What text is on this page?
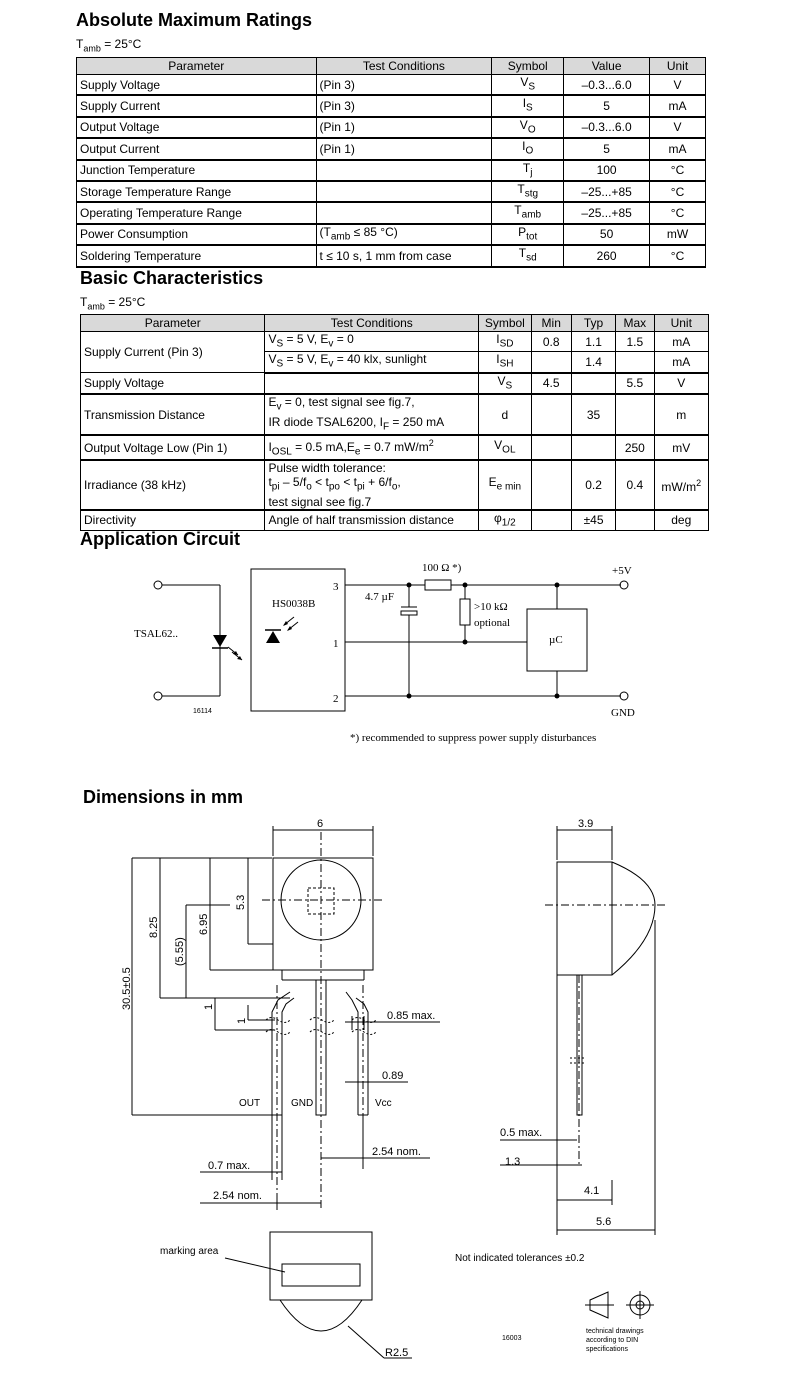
Absolute Maximum Ratings
$T_{amb} = 25^\circ C$
Parameter	Test Conditions	Symbol	Value	Unit
Supply Voltage	(Pin 3)	$V_S$	–0.3...6.0	V
Supply Current	(Pin 3)	$I_S$	5	mA
Output Voltage	(Pin 1)	$V_O$	–0.3...6.0	V
Output Current	(Pin 1)	$I_O$	5	mA
Junction Temperature		$T_j$	100	°C
Storage Temperature Range		$T_{stg}$	–25...+85	°C
Operating Temperature Range		$T_{amb}$	–25...+85	°C
Power Consumption	($T_{amb} \le 85$ °C)	$P_{tot}$	50	mW
Soldering Temperature	t ≤ 10 s, 1 mm from case	$T_{sd}$	260	°C
Basic Characteristics
$T_{amb} = 25^\circ C$
Parameter	Test Conditions	Symbol	Min	Typ	Max	Unit
Supply Current (Pin 3)	$V_S = 5$ V, $E_v = 0$	$I_{SD}$	0.8	1.1	1.5	mA
	$V_S = 5$ V, $E_v = 40$ klx, sunlight	$I_{SH}$		1.4		mA
Supply Voltage		$V_S$	4.5		5.5	V
Transmission Distance	$E_v = 0$, test signal see fig.7,
IR diode TSAL6200, $I_F = 250$ mA	d		35		m
Output Voltage Low (Pin 1)	$I_{OSL} = 0.5$ $mA,E_e = 0.7$ $mW/m^2$	$V_{OL}$			250	mV
Irradiance (38 kHz)	Pulse width tolerance:
$t_{pi} - 5/f_o < t_{po} < t_{pi} + 6/f_o$,
test signal see fig.7	$E_{e min}$		0.2	0.4	$mW/m^2$
Directivity	Angle of half transmission distance	$\varphi_{1/2}$		±45		deg
Application Circuit
HS0038B
3
1
2
100 Ω *)	+5V
4.7 µF
>10 kΩ
optional
µC
TSAL62..
GND
16114
*) recommended to suppress power supply disturbances
Dimensions in mm
6	3.9
5.3
6.95
8.25
(5.55)
30.5±0.5	1
1	0.85 max.
0.89
OUT	GND	Vcc
2.54 nom.
0.7 max.
2.54 nom.
0.5 max.
1.3
4.1
5.6
marking area
R2.5
Not indicated tolerances ±0.2
16003
technical drawings
according to DIN
specifications
